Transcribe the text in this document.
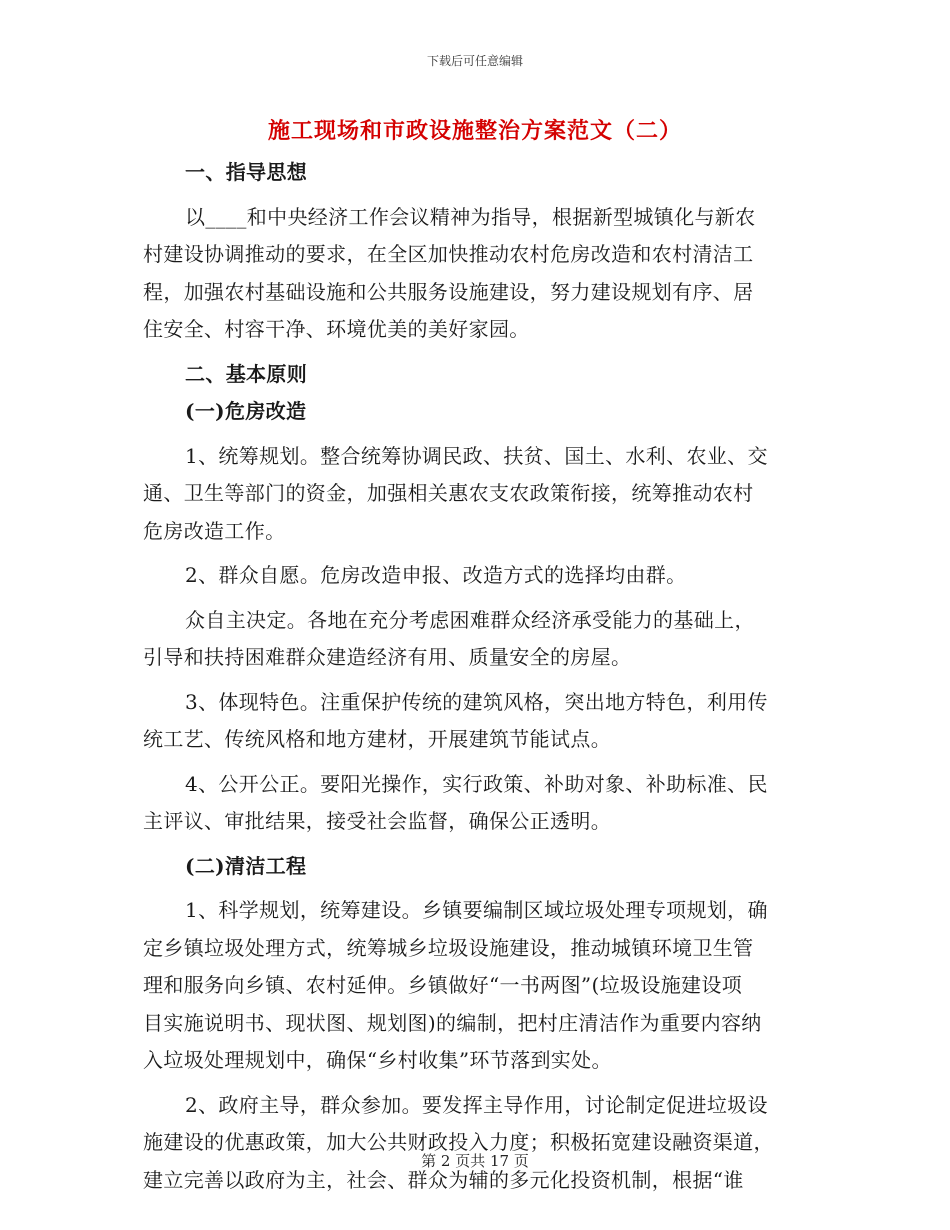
下载后可任意编辑
施工现场和市政设施整治方案范文（二）
一、指导思想
以____和中央经济工作会议精神为指导，根据新型城镇化与新农
村建设协调推动的要求，在全区加快推动农村危房改造和农村清洁工
程，加强农村基础设施和公共服务设施建设，努力建设规划有序、居
住安全、村容干净、环境优美的美好家园。
二、基本原则
(一)危房改造
1、统筹规划。整合统筹协调民政、扶贫、国土、水利、农业、交
通、卫生等部门的资金，加强相关惠农支农政策衔接，统筹推动农村
危房改造工作。
2、群众自愿。危房改造申报、改造方式的选择均由群。
众自主决定。各地在充分考虑困难群众经济承受能力的基础上，
引导和扶持困难群众建造经济有用、质量安全的房屋。
3、体现特色。注重保护传统的建筑风格，突出地方特色，利用传
统工艺、传统风格和地方建材，开展建筑节能试点。
4、公开公正。要阳光操作，实行政策、补助对象、补助标准、民
主评议、审批结果，接受社会监督，确保公正透明。
(二)清洁工程
1、科学规划，统筹建设。乡镇要编制区域垃圾处理专项规划，确
定乡镇垃圾处理方式，统筹城乡垃圾设施建设，推动城镇环境卫生管
理和服务向乡镇、农村延伸。乡镇做好“一书两图”(垃圾设施建设项
目实施说明书、现状图、规划图)的编制，把村庄清洁作为重要内容纳
入垃圾处理规划中，确保“乡村收集”环节落到实处。
2、政府主导，群众参加。要发挥主导作用，讨论制定促进垃圾设
施建设的优惠政策，加大公共财政投入力度；积极拓宽建设融资渠道，
建立完善以政府为主，社会、群众为辅的多元化投资机制，根据“谁
第 2 页共 17 页
